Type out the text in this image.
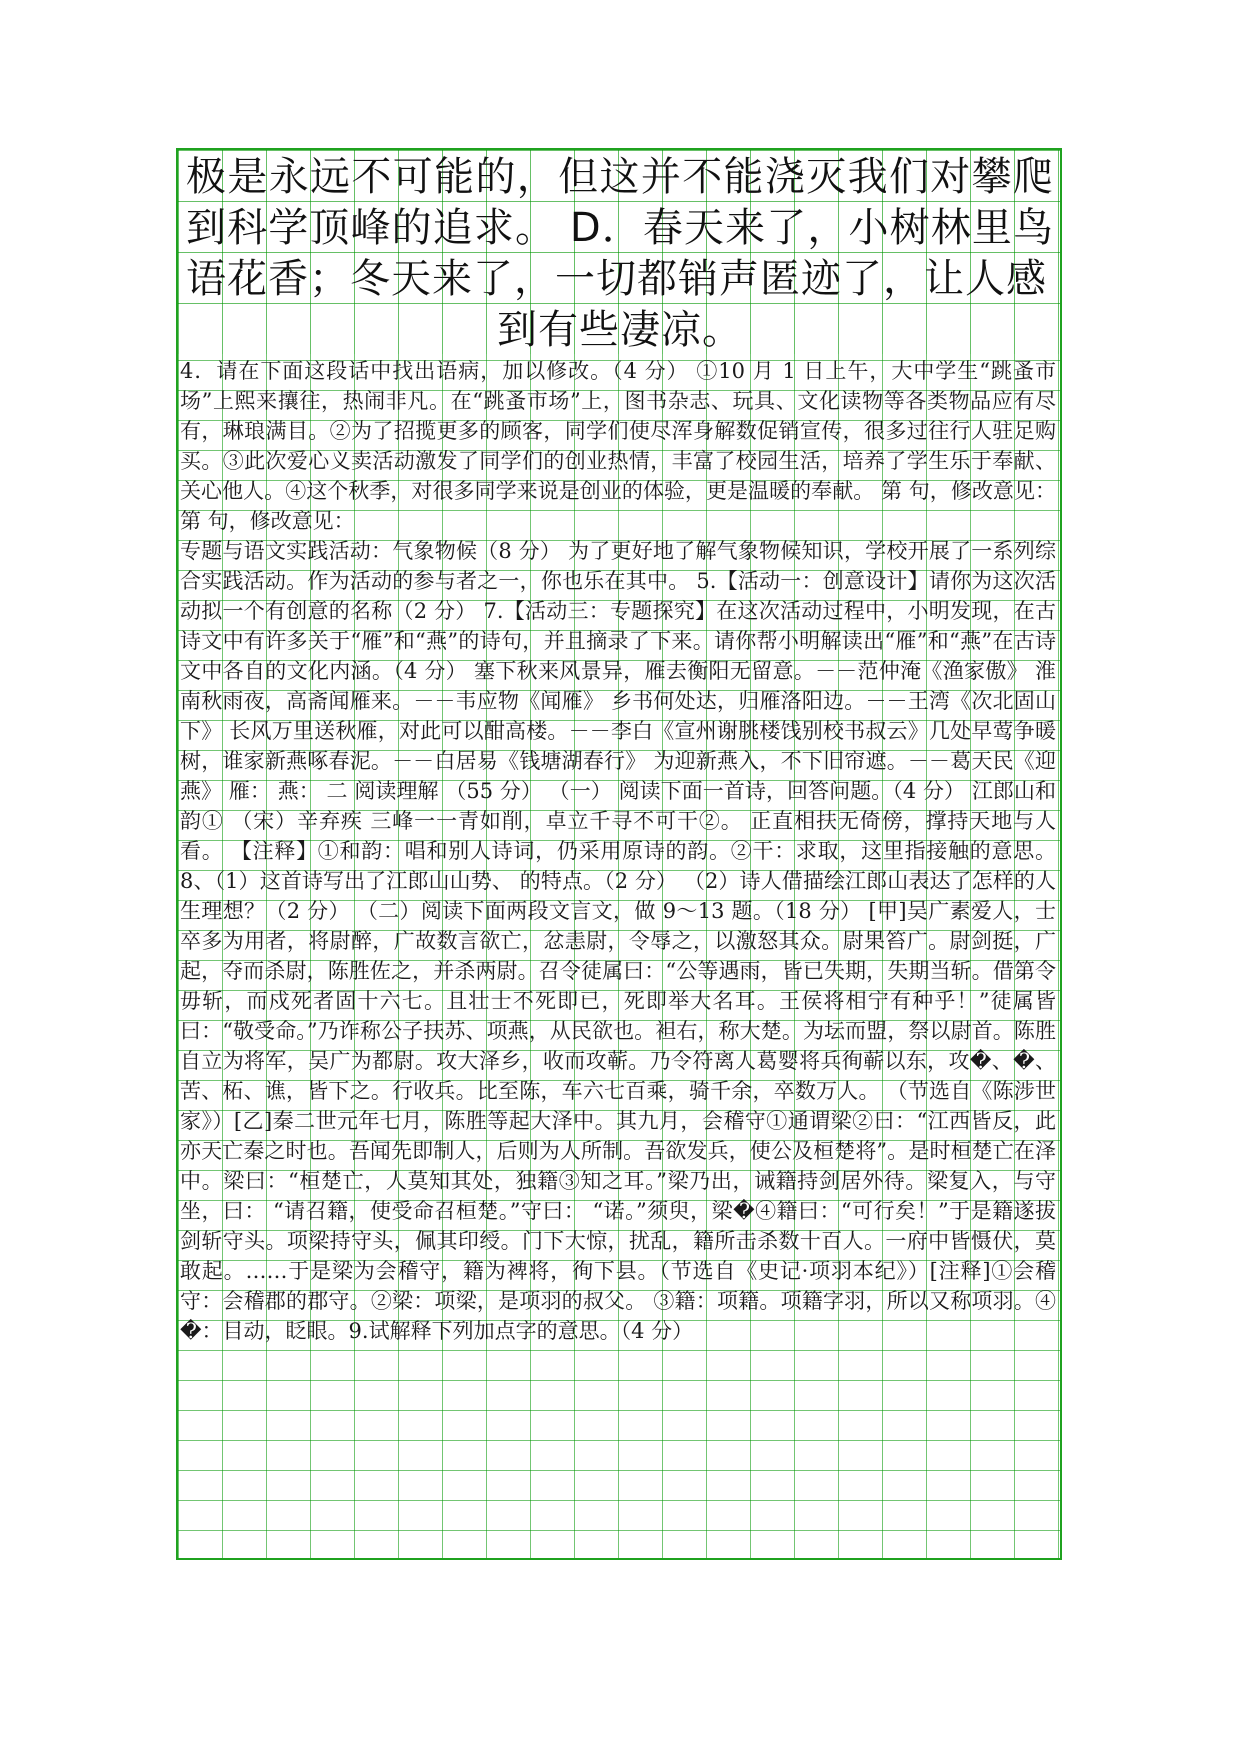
极是永远不可能的，但这并不能浇灭我们对攀爬到科学顶峰的追求。 D．春天来了，小树林里鸟语花香；冬天来了，一切都销声匿迹了，让人感
到有些凄凉。

4．请在下面这段话中找出语病，加以修改。（4 分） ①10 月 1 日上午，大中学生“跳蚤市场”上熙来攘往，热闹非凡。在“跳蚤市场”上，图书杂志、玩具、文化读物等各类物品应有尽有，琳琅满目。②为了招揽更多的顾客，同学们使尽浑身解数促销宣传，很多过往行人驻足购买。③此次爱心义卖活动激发了同学们的创业热情，丰富了校园生活，培养了学生乐于奉献、关心他人。④这个秋季，对很多同学来说是创业的体验，更是温暖的奉献。 第 句，修改意见： 第 句，修改意见：

专题与语文实践活动：气象物候（8 分） 为了更好地了解气象物候知识，学校开展了一系列综合实践活动。作为活动的参与者之一，你也乐在其中。 5.【活动一：创意设计】请你为这次活动拟一个有创意的名称（2 分） 7.【活动三：专题探究】在这次活动过程中，小明发现，在古诗文中有许多关于“雁”和“燕”的诗句，并且摘录了下来。请你帮小明解读出“雁”和“燕”在古诗文中各自的文化内涵。（4 分） 塞下秋来风景异，雁去衡阳无留意。－－范仲淹《渔家傲》 淮南秋雨夜，高斋闻雁来。－－韦应物《闻雁》 乡书何处达，归雁洛阳边。－－王湾《次北固山下》 长风万里送秋雁，对此可以酣高楼。－－李白《宣州谢朓楼饯别校书叔云》几处早莺争暖树，谁家新燕啄春泥。－－白居易《钱塘湖春行》 为迎新燕入，不下旧帘遮。－－葛天民《迎燕》 雁： 燕： 二 阅读理解 （55 分） （一） 阅读下面一首诗，回答问题。（4 分） 江郎山和韵① （宋）辛弃疾 三峰一一青如削，卓立千寻不可干②。 正直相扶无倚傍，撑持天地与人看。 【注释】①和韵：唱和别人诗词，仍采用原诗的韵。②干：求取，这里指接触的意思。8、（1）这首诗写出了江郎山山势、 的特点。（2 分） （2）诗人借描绘江郎山表达了怎样的人生理想？（2 分） （二）阅读下面两段文言文，做 9～13 题。（18 分） [甲]吴广素爱人，士卒多为用者，将尉醉，广故数言欲亡，忿恚尉，令辱之，以激怒其众。尉果笞广。尉剑挺，广起，夺而杀尉，陈胜佐之，并杀两尉。召令徒属曰：“公等遇雨，皆已失期，失期当斩。借第令毋斩，而戍死者固十六七。且壮士不死即已，死即举大名耳。王侯将相宁有种乎！”徒属皆曰：“敬受命。”乃诈称公子扶苏、项燕，从民欲也。袒右，称大楚。为坛而盟，祭以尉首。陈胜自立为将军，吴广为都尉。攻大泽乡，收而攻蕲。乃令符离人葛婴将兵徇蕲以东，攻�、�、苦、柘、谯，皆下之。行收兵。比至陈，车六七百乘，骑千余，卒数万人。 （节选自《陈涉世家》）[乙]秦二世元年七月，陈胜等起大泽中。其九月，会稽守①通谓梁②曰：“江西皆反，此亦天亡秦之时也。吾闻先即制人，后则为人所制。吾欲发兵，使公及桓楚将”。是时桓楚亡在泽中。梁曰：“桓楚亡，人莫知其处，独籍③知之耳。”梁乃出，诫籍持剑居外待。梁复入，与守坐，曰： “请召籍，使受命召桓楚。”守曰： “诺。”须臾，梁�④籍曰：“可行矣！”于是籍遂拔剑斩守头。项梁持守头，佩其印绶。门下大惊，扰乱，籍所击杀数十百人。一府中皆慑伏，莫敢起。……于是梁为会稽守，籍为裨将，徇下县。（节选自《史记·项羽本纪》）[注释]①会稽守：会稽郡的郡守。②梁：项梁，是项羽的叔父。 ③籍：项籍。项籍字羽，所以又称项羽。④�：目动，眨眼。9.试解释下列加点字的意思。（4 分）
